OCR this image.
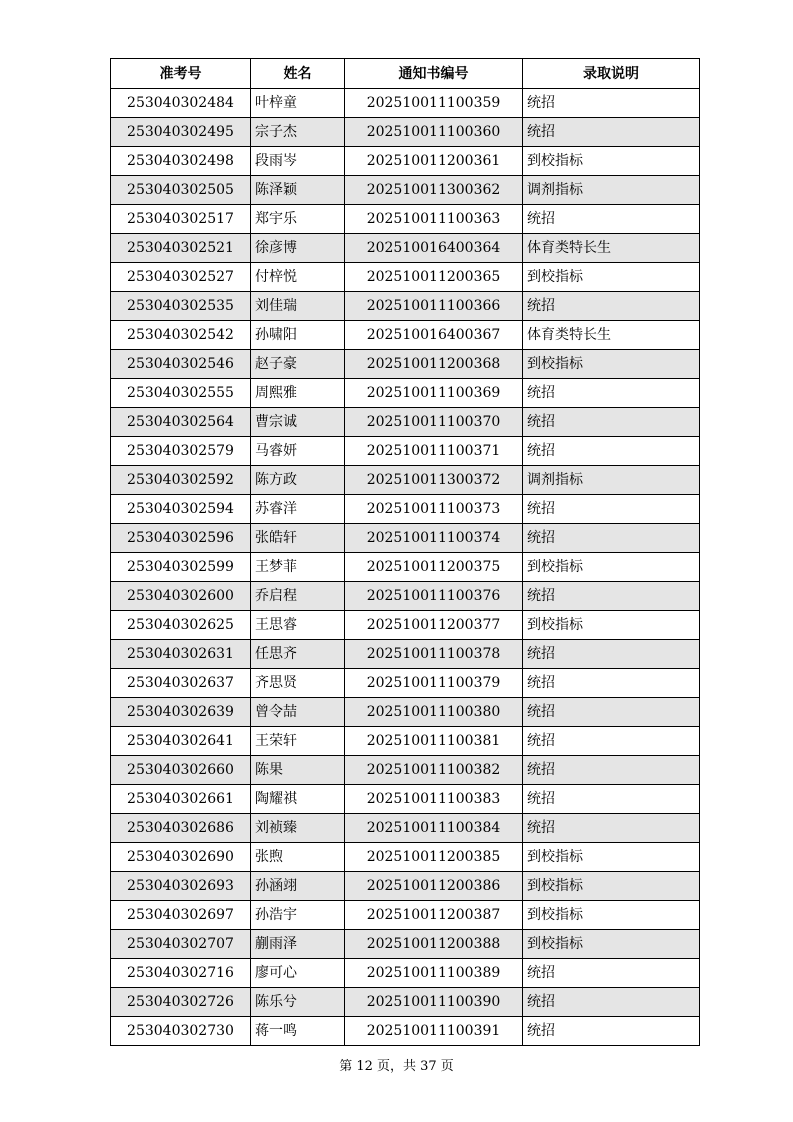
准考号	姓名	通知书编号	录取说明
253040302484	叶梓童	202510011100359	统招
253040302495	宗子杰	202510011100360	统招
253040302498	段雨岑	202510011200361	到校指标
253040302505	陈泽颖	202510011300362	调剂指标
253040302517	郑宇乐	202510011100363	统招
253040302521	徐彦博	202510016400364	体育类特长生
253040302527	付梓悦	202510011200365	到校指标
253040302535	刘佳瑞	202510011100366	统招
253040302542	孙啸阳	202510016400367	体育类特长生
253040302546	赵子豪	202510011200368	到校指标
253040302555	周熙雅	202510011100369	统招
253040302564	曹宗诚	202510011100370	统招
253040302579	马睿妍	202510011100371	统招
253040302592	陈方政	202510011300372	调剂指标
253040302594	苏睿洋	202510011100373	统招
253040302596	张皓轩	202510011100374	统招
253040302599	王梦菲	202510011200375	到校指标
253040302600	乔启程	202510011100376	统招
253040302625	王思睿	202510011200377	到校指标
253040302631	任思齐	202510011100378	统招
253040302637	齐思贤	202510011100379	统招
253040302639	曾令喆	202510011100380	统招
253040302641	王荣轩	202510011100381	统招
253040302660	陈果	202510011100382	统招
253040302661	陶耀祺	202510011100383	统招
253040302686	刘祯臻	202510011100384	统招
253040302690	张煦	202510011200385	到校指标
253040302693	孙涵翊	202510011200386	到校指标
253040302697	孙浩宇	202510011200387	到校指标
253040302707	蒯雨泽	202510011200388	到校指标
253040302716	廖可心	202510011100389	统招
253040302726	陈乐兮	202510011100390	统招
253040302730	蒋一鸣	202510011100391	统招
第 12 页，共 37 页
